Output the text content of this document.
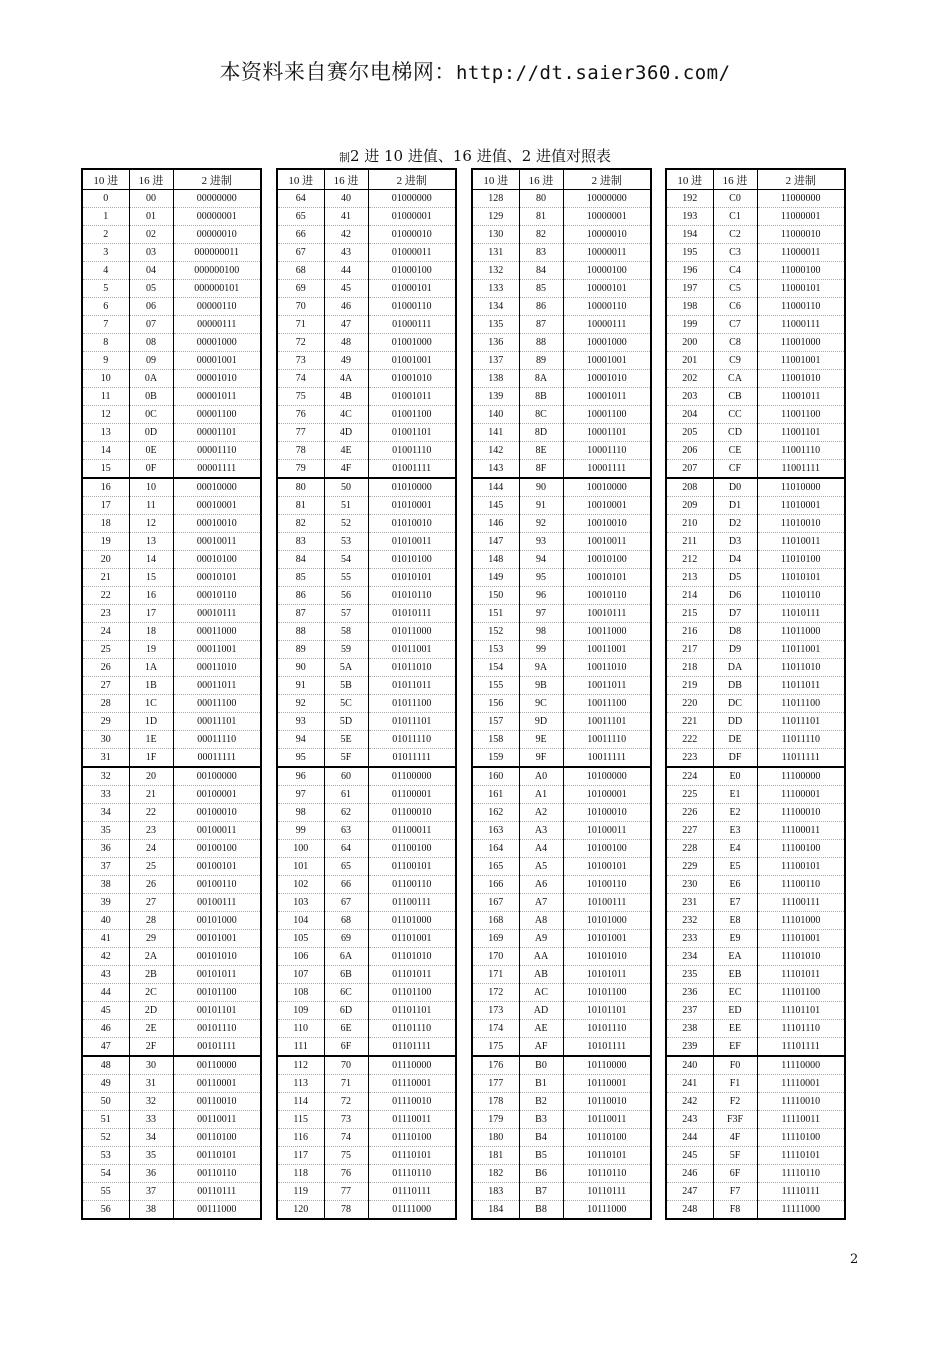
本资料来自赛尔电梯网：http://dt.saier360.com/
制2 进 10 进值、16 进值、2 进值对照表
10 进	16 进	2 进制
0	00	00000000
1	01	00000001
2	02	00000010
3	03	000000011
4	04	000000100
5	05	000000101
6	06	00000110
7	07	00000111
8	08	00001000
9	09	00001001
10	0A	00001010
11	0B	00001011
12	0C	00001100
13	0D	00001101
14	0E	00001110
15	0F	00001111
16	10	00010000
17	11	00010001
18	12	00010010
19	13	00010011
20	14	00010100
21	15	00010101
22	16	00010110
23	17	00010111
24	18	00011000
25	19	00011001
26	1A	00011010
27	1B	00011011
28	1C	00011100
29	1D	00011101
30	1E	00011110
31	1F	00011111
32	20	00100000
33	21	00100001
34	22	00100010
35	23	00100011
36	24	00100100
37	25	00100101
38	26	00100110
39	27	00100111
40	28	00101000
41	29	00101001
42	2A	00101010
43	2B	00101011
44	2C	00101100
45	2D	00101101
46	2E	00101110
47	2F	00101111
48	30	00110000
49	31	00110001
50	32	00110010
51	33	00110011
52	34	00110100
53	35	00110101
54	36	00110110
55	37	00110111
56	38	00111000
10 进	16 进	2 进制
64	40	01000000
65	41	01000001
66	42	01000010
67	43	01000011
68	44	01000100
69	45	01000101
70	46	01000110
71	47	01000111
72	48	01001000
73	49	01001001
74	4A	01001010
75	4B	01001011
76	4C	01001100
77	4D	01001101
78	4E	01001110
79	4F	01001111
80	50	01010000
81	51	01010001
82	52	01010010
83	53	01010011
84	54	01010100
85	55	01010101
86	56	01010110
87	57	01010111
88	58	01011000
89	59	01011001
90	5A	01011010
91	5B	01011011
92	5C	01011100
93	5D	01011101
94	5E	01011110
95	5F	01011111
96	60	01100000
97	61	01100001
98	62	01100010
99	63	01100011
100	64	01100100
101	65	01100101
102	66	01100110
103	67	01100111
104	68	01101000
105	69	01101001
106	6A	01101010
107	6B	01101011
108	6C	01101100
109	6D	01101101
110	6E	01101110
111	6F	01101111
112	70	01110000
113	71	01110001
114	72	01110010
115	73	01110011
116	74	01110100
117	75	01110101
118	76	01110110
119	77	01110111
120	78	01111000
10 进	16 进	2 进制
128	80	10000000
129	81	10000001
130	82	10000010
131	83	10000011
132	84	10000100
133	85	10000101
134	86	10000110
135	87	10000111
136	88	10001000
137	89	10001001
138	8A	10001010
139	8B	10001011
140	8C	10001100
141	8D	10001101
142	8E	10001110
143	8F	10001111
144	90	10010000
145	91	10010001
146	92	10010010
147	93	10010011
148	94	10010100
149	95	10010101
150	96	10010110
151	97	10010111
152	98	10011000
153	99	10011001
154	9A	10011010
155	9B	10011011
156	9C	10011100
157	9D	10011101
158	9E	10011110
159	9F	10011111
160	A0	10100000
161	A1	10100001
162	A2	10100010
163	A3	10100011
164	A4	10100100
165	A5	10100101
166	A6	10100110
167	A7	10100111
168	A8	10101000
169	A9	10101001
170	AA	10101010
171	AB	10101011
172	AC	10101100
173	AD	10101101
174	AE	10101110
175	AF	10101111
176	B0	10110000
177	B1	10110001
178	B2	10110010
179	B3	10110011
180	B4	10110100
181	B5	10110101
182	B6	10110110
183	B7	10110111
184	B8	10111000
10 进	16 进	2 进制
192	C0	11000000
193	C1	11000001
194	C2	11000010
195	C3	11000011
196	C4	11000100
197	C5	11000101
198	C6	11000110
199	C7	11000111
200	C8	11001000
201	C9	11001001
202	CA	11001010
203	CB	11001011
204	CC	11001100
205	CD	11001101
206	CE	11001110
207	CF	11001111
208	D0	11010000
209	D1	11010001
210	D2	11010010
211	D3	11010011
212	D4	11010100
213	D5	11010101
214	D6	11010110
215	D7	11010111
216	D8	11011000
217	D9	11011001
218	DA	11011010
219	DB	11011011
220	DC	11011100
221	DD	11011101
222	DE	11011110
223	DF	11011111
224	E0	11100000
225	E1	11100001
226	E2	11100010
227	E3	11100011
228	E4	11100100
229	E5	11100101
230	E6	11100110
231	E7	11100111
232	E8	11101000
233	E9	11101001
234	EA	11101010
235	EB	11101011
236	EC	11101100
237	ED	11101101
238	EE	11101110
239	EF	11101111
240	F0	11110000
241	F1	11110001
242	F2	11110010
243	F3F	11110011
244	4F	11110100
245	5F	11110101
246	6F	11110110
247	F7	11110111
248	F8	11111000
2
